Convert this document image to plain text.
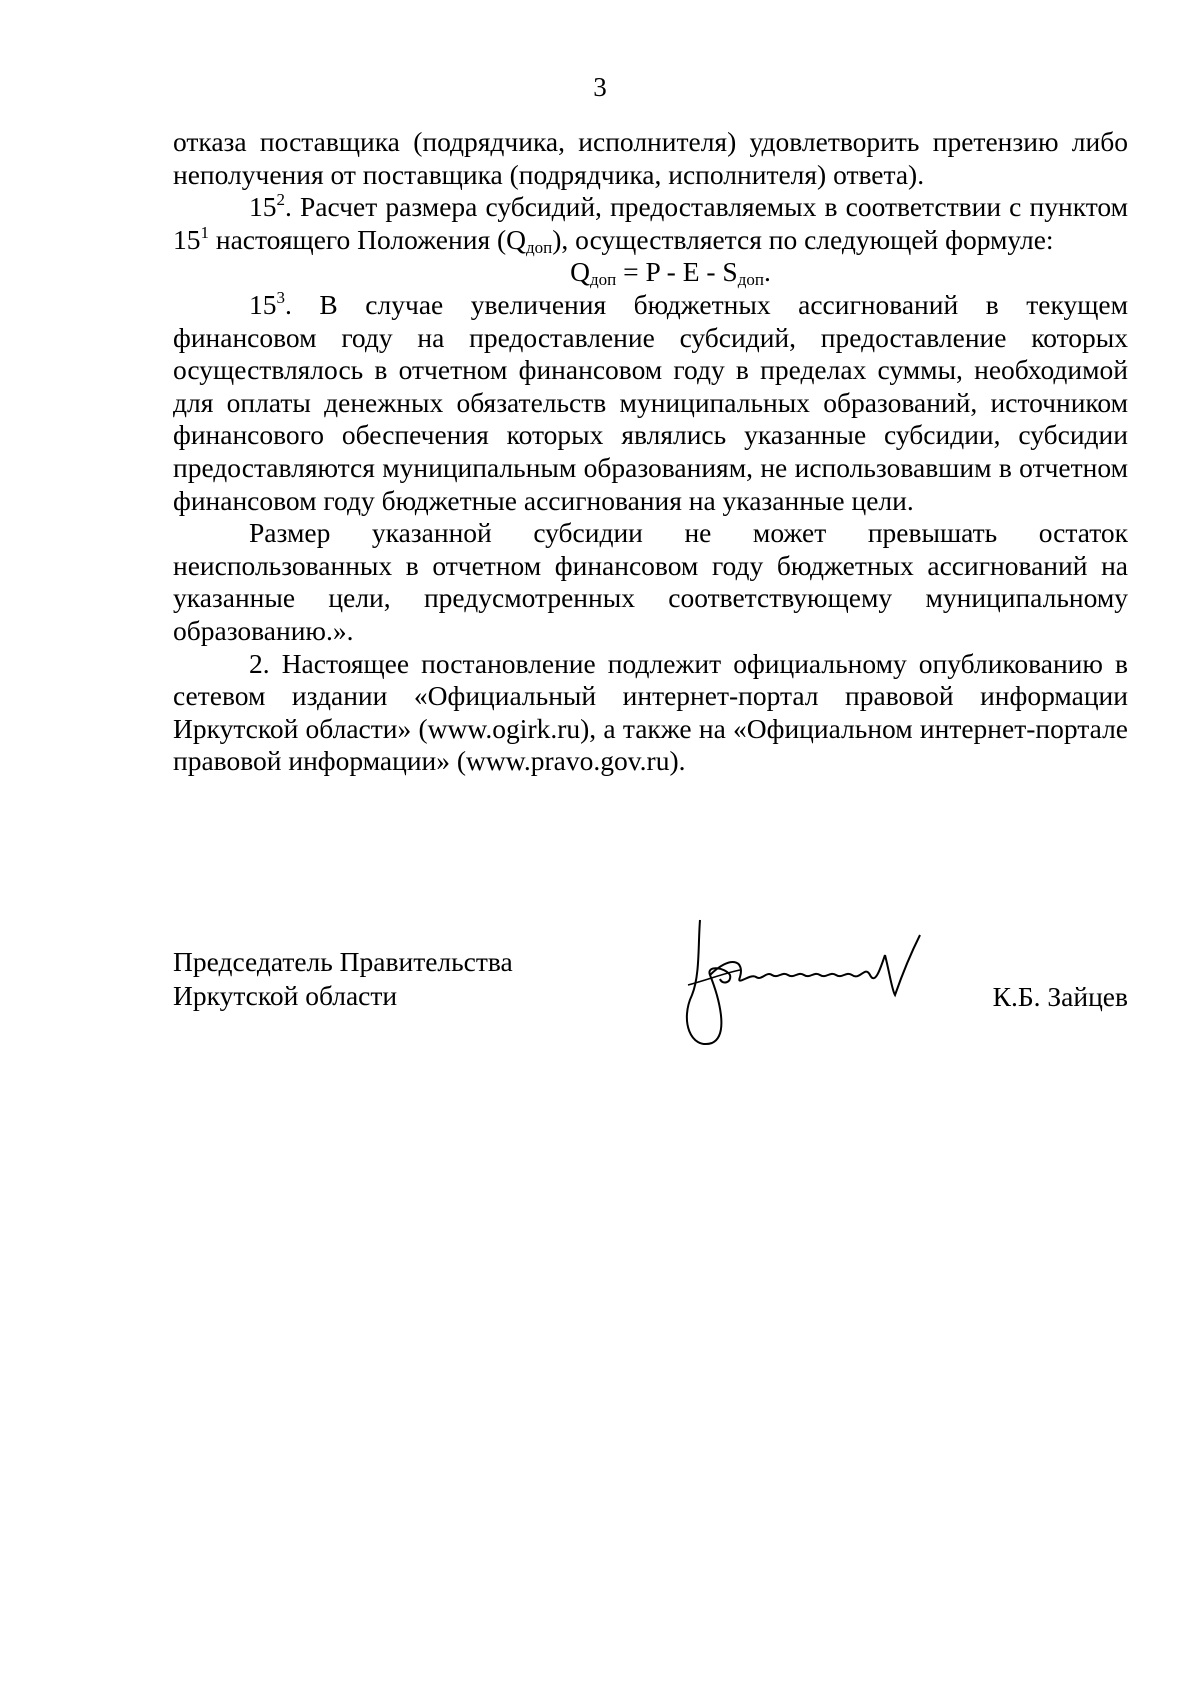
3

отказа поставщика (подрядчика, исполнителя) удовлетворить претензию либо неполучения от поставщика (подрядчика, исполнителя) ответа).

$15^2$. Расчет размера субсидий, предоставляемых в соответствии с пунктом $15^1$ настоящего Положения $(Q_{доп})$, осуществляется по следующей формуле:

$Q_{доп} = P - E - S_{доп}$.

$15^3$. В случае увеличения бюджетных ассигнований в текущем финансовом году на предоставление субсидий, предоставление которых осуществлялось в отчетном финансовом году в пределах суммы, необходимой для оплаты денежных обязательств муниципальных образований, источником финансового обеспечения которых являлись указанные субсидии, субсидии предоставляются муниципальным образованиям, не использовавшим в отчетном финансовом году бюджетные ассигнования на указанные цели.

Размер указанной субсидии не может превышать остаток неиспользованных в отчетном финансовом году бюджетных ассигнований на указанные цели, предусмотренных соответствующему муниципальному образованию.».

2. Настоящее постановление подлежит официальному опубликованию в сетевом издании «Официальный интернет-портал правовой информации Иркутской области» (www.ogirk.ru), а также на «Официальном интернет-портале правовой информации» (www.pravo.gov.ru).

Председатель Правительства
Иркутской области	К.Б. Зайцев
